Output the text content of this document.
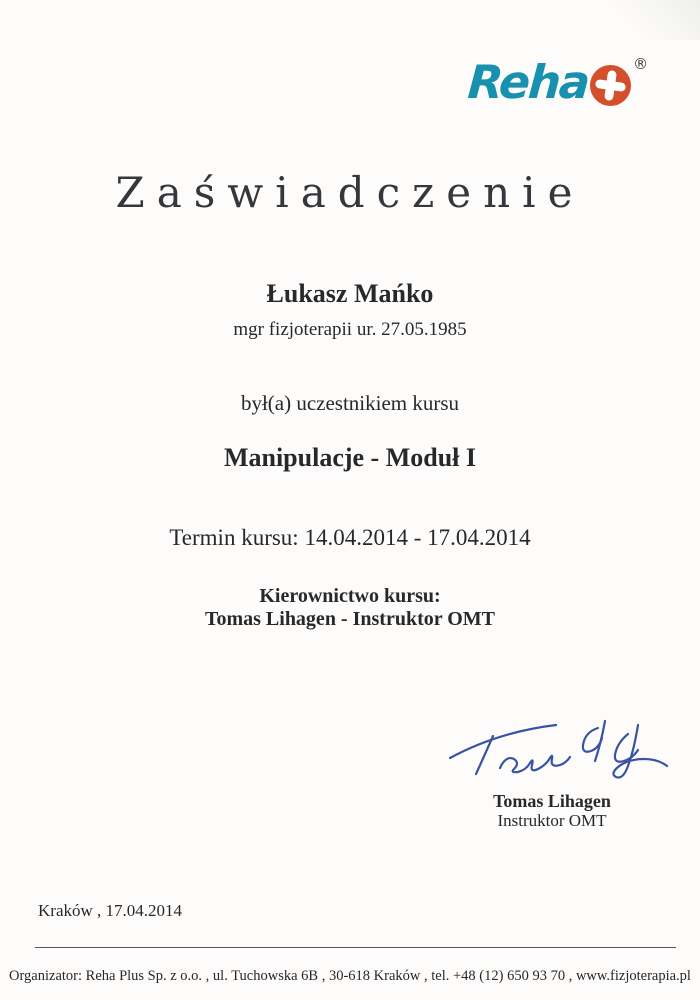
Reha	®
Zaświadczenie
Łukasz Mańko
mgr fizjoterapii ur. 27.05.1985
był(a) uczestnikiem kursu
Manipulacje - Moduł I
Termin kursu: 14.04.2014 - 17.04.2014
Kierownictwo kursu:
Tomas Lihagen - Instruktor OMT
Tomas Lihagen
Instruktor OMT
Kraków , 17.04.2014
Organizator: Reha Plus Sp. z o.o. , ul. Tuchowska 6B , 30-618 Kraków , tel. +48 (12) 650 93 70 , www.fizjoterapia.pl
